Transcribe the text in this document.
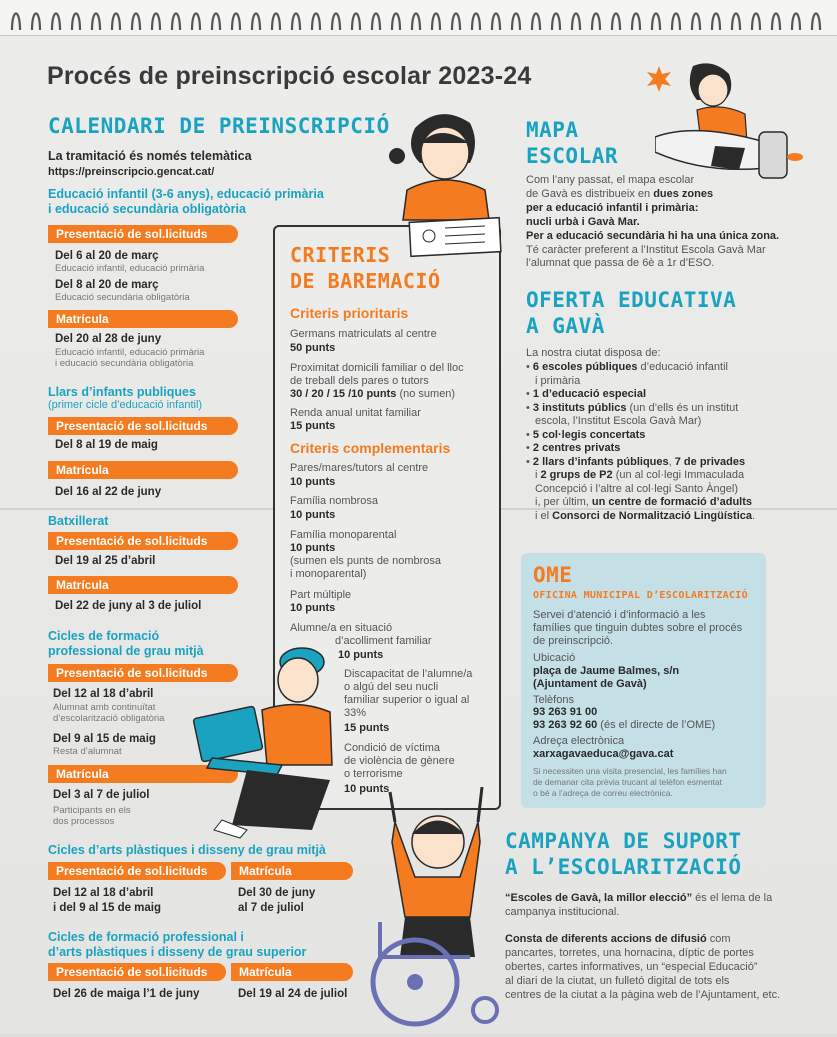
Procés de preinscripció escolar 2023-24
CALENDARI DE PREINSCRIPCIÓ
La tramitació és només telemàtica
https://preinscripcio.gencat.cat/
Educació infantil (3-6 anys), educació primària
i educació secundària obligatòria
Presentació de sol.licituds
Del 6 al 20 de març
Educació infantil, educació primària
Del 8 al 20 de març
Educació secundària obligatòria
Matrícula
Del 20 al 28 de juny
Educació infantil, educació primària
i educació secundària obligatòria
Llars d’infants publiques
(primer cicle d’educació infantil)
Presentació de sol.licituds
Del 8 al 19 de maig
Matrícula
Del 16 al 22 de juny
Batxillerat
Presentació de sol.licituds
Del 19 al 25 d’abril
Matrícula
Del 22 de juny al 3 de juliol
Cicles de formació
professional de grau mitjà
Presentació de sol.licituds
Del 12 al 18 d’abril
Alumnat amb continuïtat
d’escolarització obligatòria
Del 9 al 15 de maig
Resta d’alumnat
Matrícula
Del 3 al 7 de juliol
Participants en els
dos processos
Cicles d’arts plàstiques i disseny de grau mitjà
Presentació de sol.licituds	Matrícula
Del 12 al 18 d’abril
i del 9 al 15 de maig
Del 30 de juny
al 7 de juliol
Cicles de formació professional i
d’arts plàstiques i disseny de grau superior
Presentació de sol.licituds	Matrícula
Del 26 de maiga l’1 de juny	Del 19 al 24 de juliol
CRITERIS
DE BAREMACIÓ
Criteris prioritaris
Germans matriculats al centre
50 punts
Proximitat domicili familiar o del lloc
de treball dels pares o tutors
30 / 20 / 15 /10 punts (no sumen)
Renda anual unitat familiar
15 punts
Criteris complementaris
Pares/mares/tutors al centre
10 punts
Família nombrosa
10 punts
Família monoparental
10 punts
(sumen els punts de nombrosa
i monoparental)
Part múltiple
10 punts
Alumne/a en situació
d’acolliment familiar
10 punts
Discapacitat de l’alumne/a
o algú del seu nucli
familiar superior o igual al
33%
15 punts
Condició de víctima
de violència de gènere
o terrorisme
10 punts
MAPA
ESCOLAR
Com l’any passat, el mapa escolar
de Gavà es distribueix en dues zones
per a educació infantil i primària:
nucli urbà i Gavà Mar.
Per a educació secundària hi ha una única zona.
Té caràcter preferent a l’Institut Escola Gavà Mar
l’alumnat que passa de 6è a 1r d’ESO.
OFERTA EDUCATIVA
A GAVÀ
La nostra ciutat disposa de:
• 6 escoles públiques d’educació infantil
i primària
• 1 d’educació especial
• 3 instituts públics (un d’ells és un institut
escola, l’Institut Escola Gavà Mar)
• 5 col·legis concertats
• 2 centres privats
• 2 llars d’infants públiques, 7 de privades
i 2 grups de P2 (un al col·legi Immaculada
Concepció i l’altre al col·legi Santo Àngel)
i, per últim, un centre de formació d’adults
i el Consorci de Normalització Lingüística.
OME
OFICINA MUNICIPAL D’ESCOLARITZACIÓ
Servei d’atenció i d’informació a les
famílies que tinguin dubtes sobre el procés
de preinscripció.
Ubicació
plaça de Jaume Balmes, s/n
(Ajuntament de Gavà)
Telèfons
93 263 91 00
93 263 92 60 (és el directe de l’OME)
Adreça electrònica
xarxagavaeduca@gava.cat
Si necessiten una visita presencial, les famílies han
de demanar cita prèvia trucant al telèfon esmentat
o bé a l’adreça de correu electrònica.
CAMPANYA DE SUPORT
A L’ESCOLARITZACIÓ
“Escoles de Gavà, la millor elecció” és el lema de la
campanya institucional.
Consta de diferents accions de difusió com
pancartes, torretes, una hornacina, díptic de portes
obertes, cartes informatives, un “especial Educació”
al diari de la ciutat, un fulletó digital de tots els
centres de la ciutat a la pàgina web de l’Ajuntament, etc.
